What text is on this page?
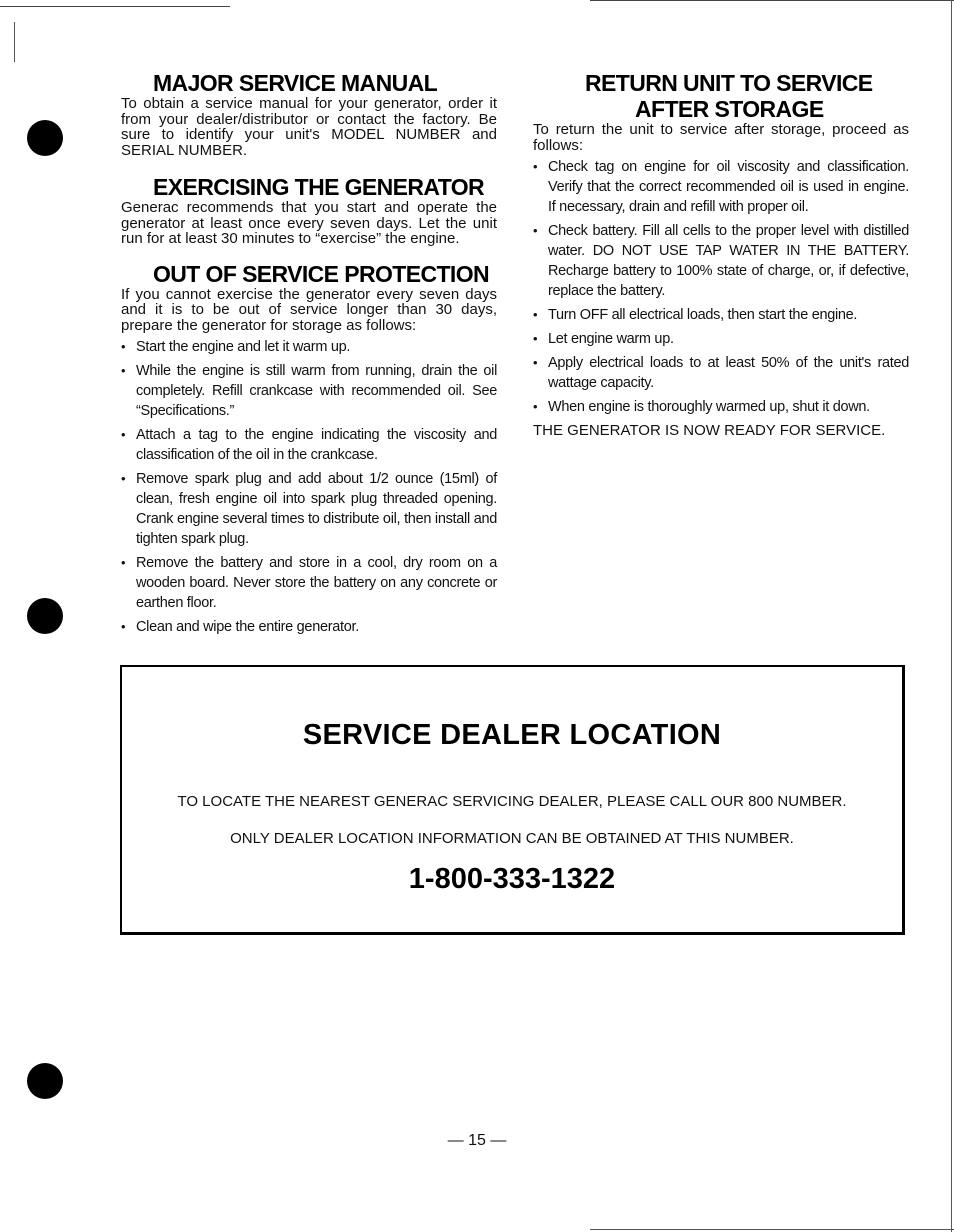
MAJOR SERVICE MANUAL

To obtain a service manual for your generator, order it from your dealer/distributor or contact the factory. Be sure to identify your unit's MODEL NUMBER and SERIAL NUMBER.

EXERCISING THE GENERATOR

Generac recommends that you start and operate the generator at least once every seven days. Let the unit run for at least 30 minutes to “exercise” the engine.

OUT OF SERVICE PROTECTION

If you cannot exercise the generator every seven days and it is to be out of service longer than 30 days, prepare the generator for storage as follows:

• Start the engine and let it warm up.
• While the engine is still warm from running, drain the oil completely. Refill crankcase with recommended oil. See “Specifications.”
• Attach a tag to the engine indicating the viscosity and classification of the oil in the crankcase.
• Remove spark plug and add about 1/2 ounce (15ml) of clean, fresh engine oil into spark plug threaded opening. Crank engine several times to distribute oil, then install and tighten spark plug.
• Remove the battery and store in a cool, dry room on a wooden board. Never store the battery on any concrete or earthen floor.
• Clean and wipe the entire generator.
RETURN UNIT TO SERVICE
AFTER STORAGE

To return the unit to service after storage, proceed as follows:

• Check tag on engine for oil viscosity and classification. Verify that the correct recommended oil is used in engine. If necessary, drain and refill with proper oil.
• Check battery. Fill all cells to the proper level with distilled water. DO NOT USE TAP WATER IN THE BATTERY. Recharge battery to 100% state of charge, or, if defective, replace the battery.
• Turn OFF all electrical loads, then start the engine.
• Let engine warm up.
• Apply electrical loads to at least 50% of the unit's rated wattage capacity.
• When engine is thoroughly warmed up, shut it down.

THE GENERATOR IS NOW READY FOR SERVICE.

SERVICE DEALER LOCATION
TO LOCATE THE NEAREST GENERAC SERVICING DEALER, PLEASE CALL OUR 800 NUMBER.
ONLY DEALER LOCATION INFORMATION CAN BE OBTAINED AT THIS NUMBER.
1-800-333-1322
— 15 —
